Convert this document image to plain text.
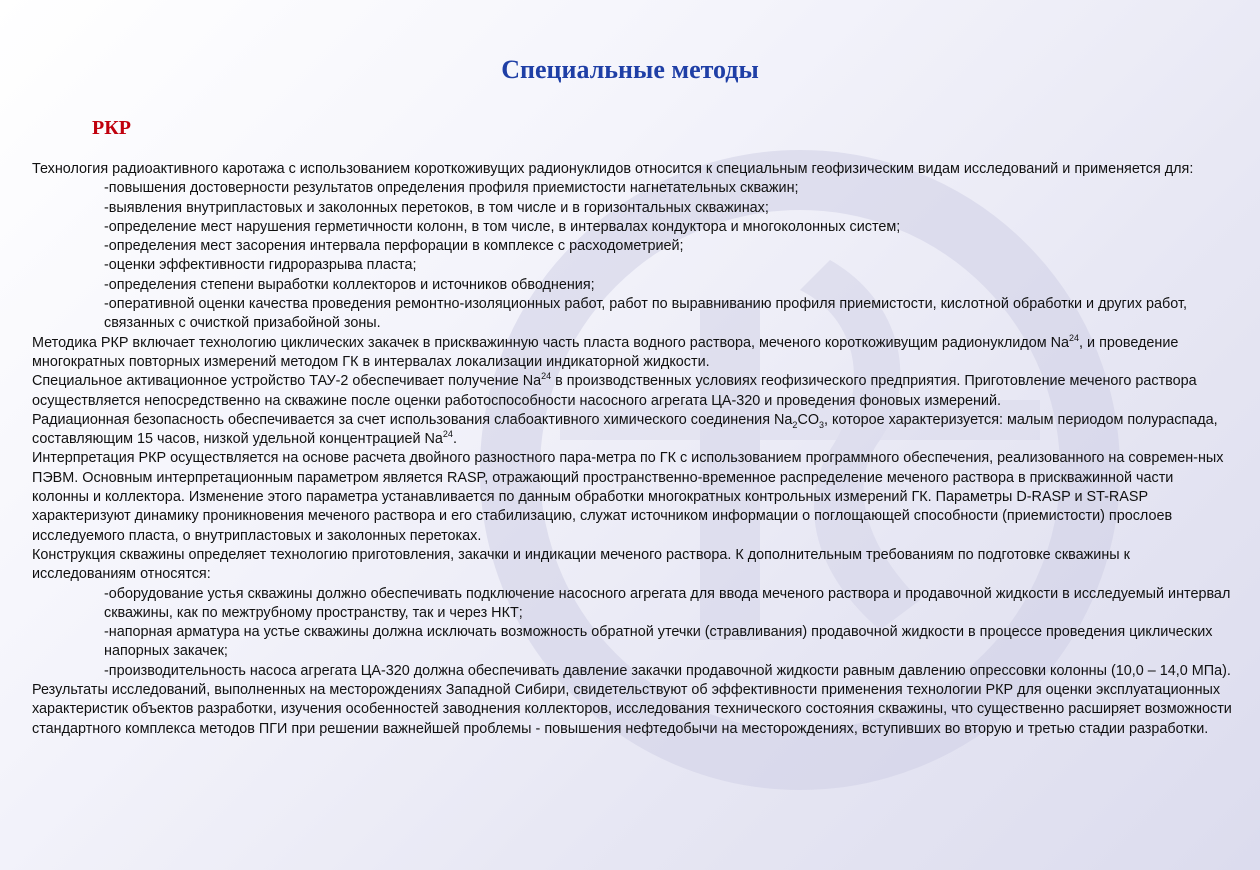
Специальные методы
РКР

Технология радиоактивного каротажа с использованием короткоживущих радионуклидов относится к специальным геофизическим видам исследований и применяется для:

-повышения достоверности результатов определения профиля приемистости нагнетательных скважин;

-выявления внутрипластовых и заколонных перетоков, в том числе и в горизонтальных скважинах;

-определение мест нарушения герметичности колонн, в том числе, в интервалах кондуктора и многоколонных систем;

-определения мест засорения интервала перфорации в комплексе с расходометрией;

-оценки эффективности гидроразрыва пласта;

-определения степени выработки коллекторов и источников обводнения;

-оперативной оценки качества проведения ремонтно-изоляционных работ, работ по выравниванию профиля приемистости, кислотной обработки и других работ, связанных с очисткой призабойной зоны.

Методика РКР включает технологию циклических закачек в прискважинную часть пласта водного раствора, меченого короткоживущим радионуклидом Na$^{24}$, и проведение многократных повторных измерений методом ГК в интервалах локализации индикаторной жидкости.

Специальное активационное устройство ТАУ-2 обеспечивает получение Na$^{24}$ в производственных условиях геофизического предприятия. Приготовление меченого раствора осуществляется непосредственно на скважине после оценки работоспособности насосного агрегата ЦА-320 и проведения фоновых измерений.

Радиационная безопасность обеспечивается за счет использования слабоактивного химического соединения $Na_2CO_3$, которое характеризуется: малым периодом полураспада, составляющим 15 часов, низкой удельной концентрацией Na$^{24}$.

Интерпретация РКР осуществляется на основе расчета двойного разностного пара-метра по ГК с использованием программного обеспечения, реализованного на современ-ных ПЭВМ. Основным интерпретационным параметром является RASP, отражающий пространственно-временное распределение меченого раствора в прискважинной части колонны и коллектора. Изменение этого параметра устанавливается по данным обработки многократных контрольных измерений ГК. Параметры D-RASP и ST-RASP характеризуют динамику проникновения меченого раствора и его стабилизацию, служат источником информации о поглощающей способности (приемистости) прослоев исследуемого пласта, о внутрипластовых и заколонных перетоках.

Конструкция скважины определяет технологию приготовления, закачки и индикации меченого раствора. К дополнительным требованиям по подготовке скважины к исследованиям относятся:

-оборудование устья скважины должно обеспечивать подключение насосного агрегата для ввода меченого раствора и продавочной жидкости в исследуемый интервал скважины, как по межтрубному пространству, так и через НКТ;

-напорная арматура на устье скважины должна исключать возможность обратной утечки (стравливания) продавочной жидкости в процессе проведения циклических напорных закачек;

-производительность насоса агрегата ЦА-320 должна обеспечивать давление закачки продавочной жидкости равным давлению опрессовки колонны (10,0 – 14,0 МПа).

Результаты исследований, выполненных на месторождениях Западной Сибири, свидетельствуют об эффективности применения технологии РКР для оценки эксплуатационных характеристик объектов разработки, изучения особенностей заводнения коллекторов, исследования технического состояния скважины, что существенно расширяет возможности стандартного комплекса методов ПГИ при решении важнейшей проблемы - повышения нефтедобычи на месторождениях, вступивших во вторую и третью стадии разработки.
